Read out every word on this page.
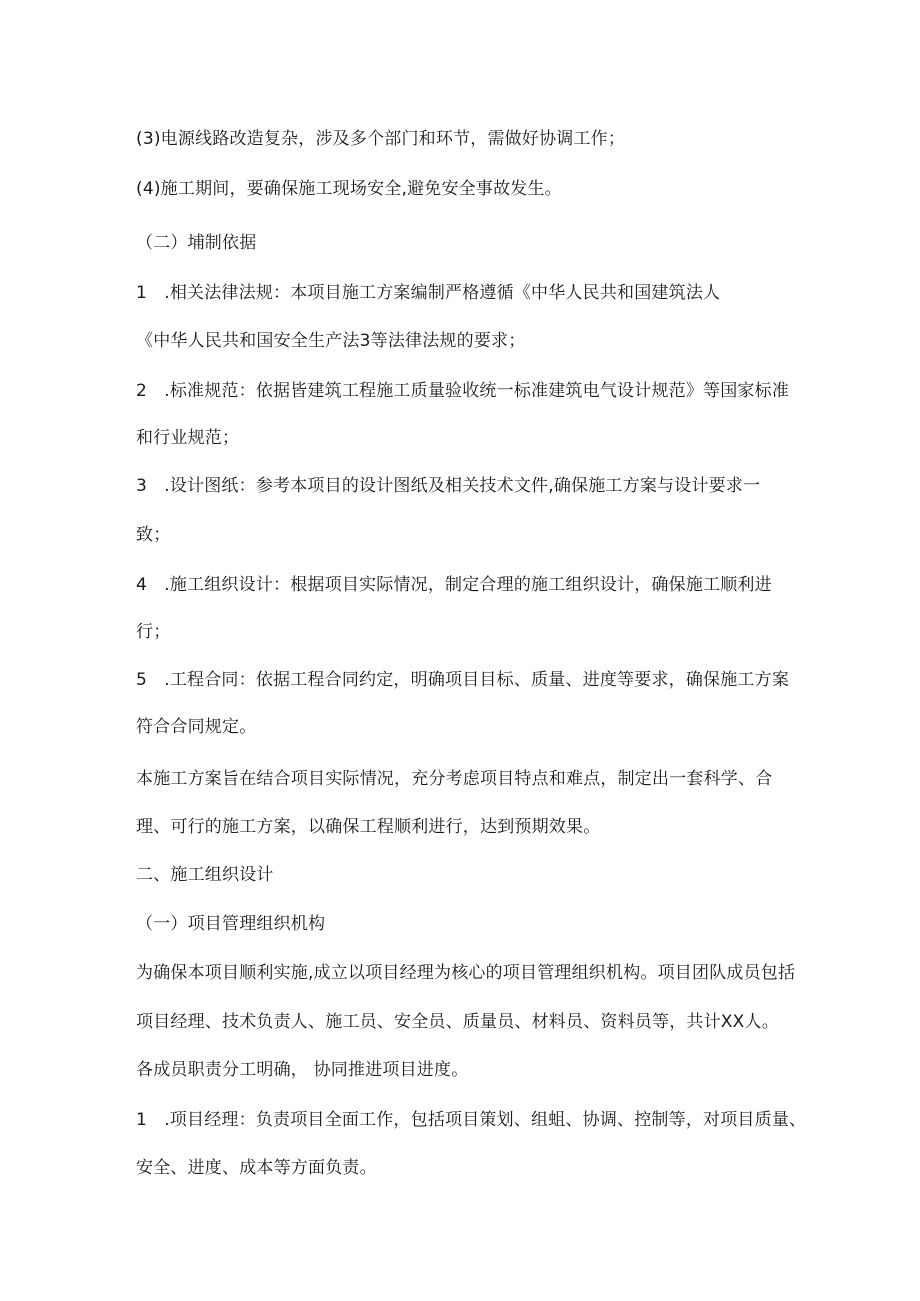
(3)电源线路改造复杂，涉及多个部门和环节，需做好协调工作；
(4)施工期间，要确保施工现场安全,避免安全事故发生。
（二）埔制依据
1　.相关法律法规：本项目施工方案编制严格遵循《中华人民共和国建筑法人
《中华人民共和国安全生产法3等法律法规的要求；
2　.标准规范：依据皆建筑工程施工质量验收统一标准建筑电气设计规范》等国家标准
和行业规范；
3　.设计图纸：参考本项目的设计图纸及相关技术文件,确保施工方案与设计要求一
致；
4　.施工组织设计：根据项目实际情况，制定合理的施工组织设计，确保施工顺利进
行；
5　.工程合同：依据工程合同约定，明确项目目标、质量、进度等要求，确保施工方案
符合合同规定。
本施工方案旨在结合项目实际情况，充分考虑项目特点和难点，制定出一套科学、合
理、可行的施工方案，以确保工程顺利进行，达到预期效果。
二、施工组织设计
（一）项目管理组织机构
为确保本项目顺利实施,成立以项目经理为核心的项目管理组织机构。项目团队成员包括
项目经理、技术负责人、施工员、安全员、质量员、材料员、资料员等，共计XX人。
各成员职责分工明确， 协同推进项目进度。
1　.项目经理：负责项目全面工作，包括项目策划、组蛆、协调、控制等，对项目质量、
安全、进度、成本等方面负责。
